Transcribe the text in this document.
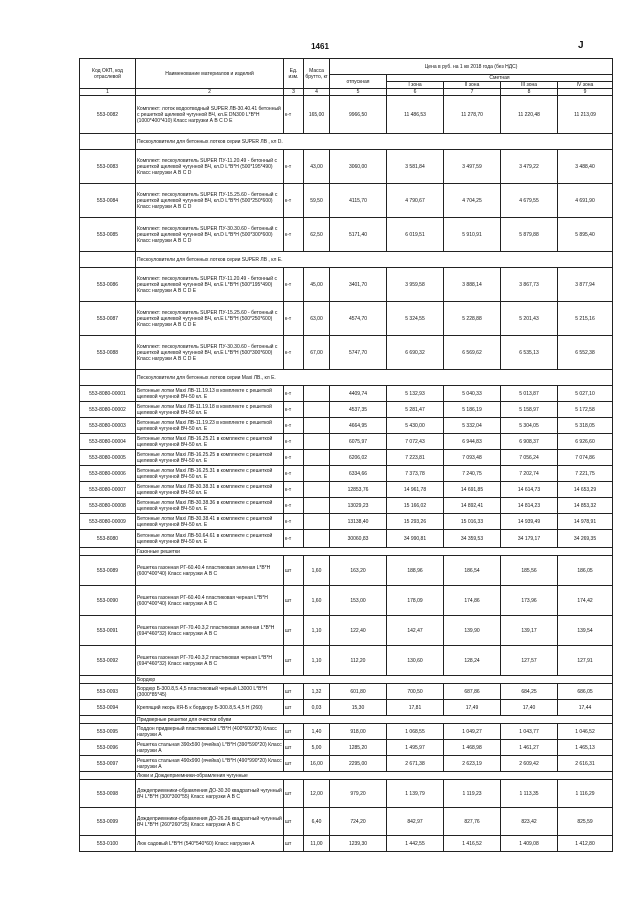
1461	J
Код ОКП, код отраслевой	Наименование материалов и изделий	Ед. изм.	Масса брутто, кг	Цена в руб. на 1 кв 2018 года (без НДС)				
				отпускная	Сметная			
					I зона	II зона	III зона	IV зона
1	2	3	4	5	6	7	8	9
553-0082	Комплект: лоток водоотводный SUPER ЛВ-30.40.41 бетонный с решеткой щелевой чугунной ВЧ, кл.Е DN300 L*B*H (1000*400*410) Класс нагрузки А В С D E	к-т	165,00	9966,50	11 486,53	11 278,70	11 220,48	11 213,09
	Пескоуловители для бетонных лотков серии SUPER ЛВ , кл D.							
553-0083	Комплект: пескоуловитель SUPER ПУ-11.20.49 - бетонный с решеткой щелевой чугунной ВЧ, кл.D L*B*H (500*195*490) Класс нагрузки А В С D	к-т	43,00	3060,00	3 581,84	3 497,59	3 479,22	3 488,40
553-0084	Комплект: пескоуловитель SUPER ПУ-15.25.60 - бетонный с решеткой щелевой чугунной ВЧ, кл.D L*B*H (500*250*600) Класс нагрузки А В С D	к-т	59,50	4115,70	4 790,67	4 704,25	4 679,55	4 691,90
553-0085	Комплект: пескоуловитель SUPER ПУ-30.30.60 - бетонный с решеткой щелевой чугунной ВЧ, кл.D L*B*H (500*300*600) Класс нагрузки А В С D	к-т	62,50	5171,40	6 019,51	5 910,91	5 879,88	5 895,40
	Пескоуловители для бетонных лотков серии SUPER ЛВ , кл E.							
553-0086	Комплект: пескоуловитель SUPER ПУ-11.20.49 - бетонный с решеткой щелевой чугунной ВЧ, кл.Е L*B*H (500*195*490) Класс нагрузки А В С D E	к-т	45,00	3401,70	3 959,58	3 888,14	3 867,73	3 877,94
553-0087	Комплект: пескоуловитель SUPER ПУ-15.25.60 - бетонный с решеткой щелевой чугунной ВЧ, кл.Е L*B*H (500*250*600) Класс нагрузки А В С D E	к-т	63,00	4574,70	5 324,55	5 228,88	5 201,43	5 215,16
553-0088	Комплект: пескоуловитель SUPER ПУ-30.30.60 - бетонный с решеткой щелевой чугунной ВЧ, кл.Е L*B*H (500*300*600) Класс нагрузки А В С D E	к-т	67,00	5747,70	6 690,32	6 569,62	6 535,13	6 552,38
	Пескоуловители для бетонных лотков серии Maxi ЛВ., кл Е.							
553-8080-00001	Бетонные лотки Maxi ЛВ-11.19.13 в комплекте с решеткой щелевой чугунной ВЧ-50 кл. Е	к-т		4409,74	5 132,93	5 040,33	5 013,87	5 027,10
553-8080-00002	Бетонные лотки Maxi ЛВ-11.19.18 в комплекте с решеткой щелевой чугунной ВЧ-50 кл. Е	к-т		4537,35	5 281,47	5 186,19	5 158,97	5 172,58
553-8080-00003	Бетонные лотки Maxi ЛВ-11.19.23 в комплекте с решеткой щелевой чугунной ВЧ-50 кл. Е	к-т		4664,95	5 430,00	5 332,04	5 304,05	5 318,05
553-8080-00004	Бетонные лотки Maxi ЛВ-16.25.21 в комплекте с решеткой щелевой чугунной ВЧ-50 кл. Е	к-т		6075,97	7 072,43	6 944,83	6 908,37	6 926,60
553-8080-00005	Бетонные лотки Maxi ЛВ-16.25.25 в комплекте с решеткой щелевой чугунной ВЧ-50 кл. Е	к-т		6206,02	7 223,81	7 093,48	7 056,24	7 074,86
553-8080-00006	Бетонные лотки Maxi ЛВ-16.25.31 в комплекте с решеткой щелевой чугунной ВЧ-50 кл. Е	к-т		6334,66	7 373,78	7 240,75	7 202,74	7 221,75
553-8080-00007	Бетонные лотки Maxi ЛВ-30.38.31 в комплекте с решеткой щелевой чугунной ВЧ-50 кл. Е	к-т		12853,76	14 961,78	14 691,85	14 614,73	14 653,29
553-8080-00008	Бетонные лотки Maxi ЛВ-30.38.36 в комплекте с решеткой щелевой чугунной ВЧ-50 кл. Е	к-т		13029,23	15 166,02	14 892,41	14 814,23	14 853,32
553-8080-00009	Бетонные лотки Maxi ЛВ-30.38.41 в комплекте с решеткой щелевой чугунной ВЧ-50 кл. Е	к-т		13138,40	15 293,26	15 016,33	14 939,49	14 978,91
553-8080	Бетонные лотки Maxi ЛВ-50.64.61 в комплекте с решеткой щелевой чугунной ВЧ-50 кл. Е	к-т		30060,83	34 990,81	34 359,53	34 179,17	34 269,35
	Газонные решетки							
553-0089	Решетка газонная РГ-60.40.4 пластиковая зеленая L*B*H (600*400*40) Класс нагрузки А В С	шт	1,60	163,20	188,96	186,54	185,56	186,05
553-0090	Решетка газонная РГ-60.40.4 пластиковая черная L*B*H (600*400*40) Класс нагрузки А В С	шт	1,60	153,00	178,09	174,86	173,96	174,42
553-0091	Решетка газонная РГ-70.40.3,2 пластиковая зеленая L*B*H (694*460*32) Класс нагрузки А В С	шт	1,10	122,40	142,47	139,90	139,17	139,54
553-0092	Решетка газонная РГ-70.40.3,2 пластиковая черная L*B*H (694*460*32) Класс нагрузки А В С	шт	1,10	112,20	130,60	128,24	127,57	127,91
	Бордюр							
553-0093	Бордюр Б-300.8,5.4,5 пластиковый черный L3000 L*B*H (3000*85*45)	шт	1,32	601,80	700,50	687,86	684,25	686,05
553-0094	Крепящий якорь КЯ-Б к бордюру Б-300.8,5.4,5 H (260)	шт	0,03	15,30	17,81	17,49	17,40	17,44
	Придверные решетки для очистки обуви							
553-0095	Поддон придверный пластиковый L*B*H (400*600*30) Класс нагрузки А	шт	1,40	918,00	1 068,55	1 049,27	1 043,77	1 046,52
553-0096	Решетка стальная 390х590 (ячейка) L*B*H (390*590*20) Класс нагрузки А	шт	5,00	1285,20	1 495,97	1 468,98	1 461,27	1 465,13
553-0097	Решетка стальная 490х990 (ячейка) L*B*H (490*990*20) Класс нагрузки А	шт	16,00	2295,00	2 671,38	2 623,19	2 609,42	2 616,31
	Люки и Дождеприемники-обрамления чугунные							
553-0098	Дождеприемники-обрамления ДО-30.30 квадратный чугунный ВЧ L*B*H (300*300*55) Класс нагрузки А В С	шт	12,00	979,20	1 139,79	1 119,23	1 113,35	1 116,29
553-0099	Дождеприемники-обрамления ДО-26.26 квадратный чугунный ВЧ L*B*H (260*260*25) Класс нагрузки А В С	шт	6,40	724,20	842,97	827,76	823,42	825,59
553-0100	Люк садовый L*B*H (540*540*60) Класс нагрузки А	шт	11,00	1239,30	1 442,55	1 416,52	1 409,08	1 412,80
